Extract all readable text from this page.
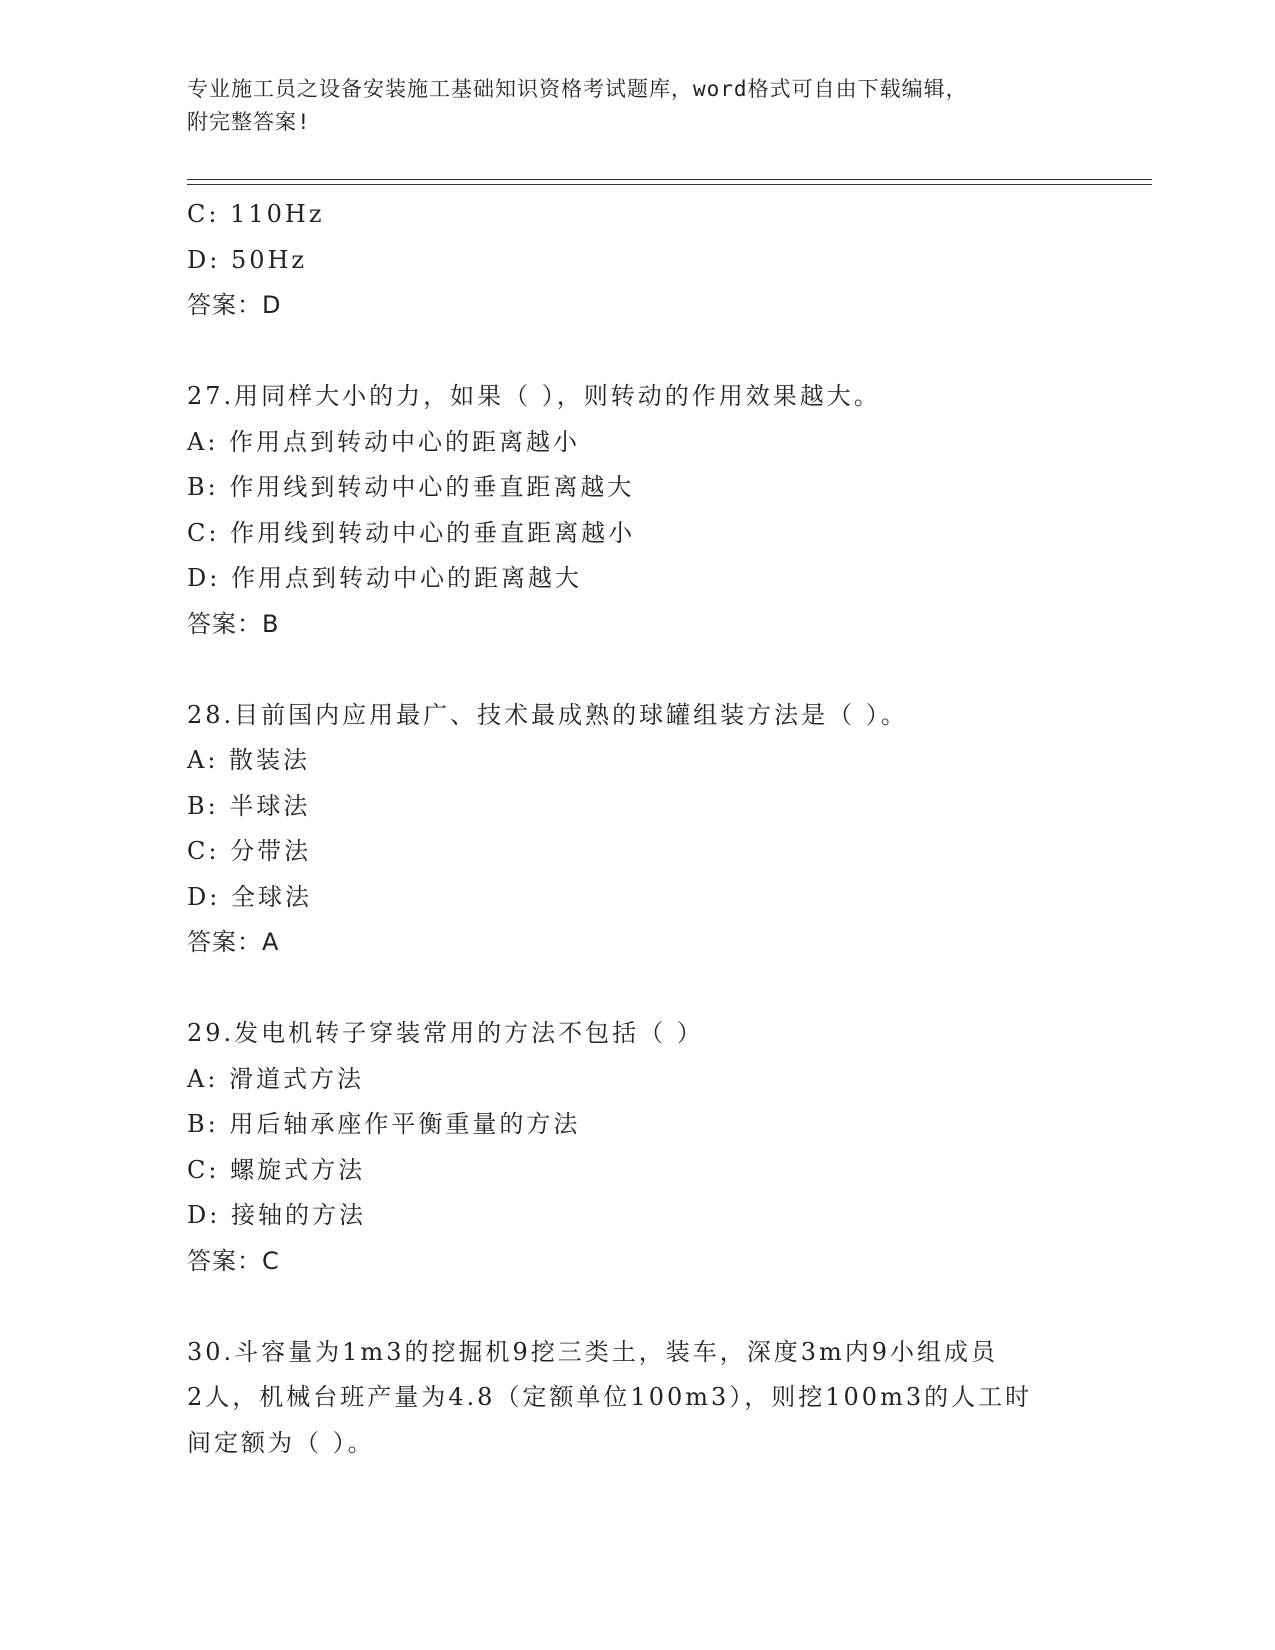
专业施工员之设备安装施工基础知识资格考试题库，word格式可自由下载编辑，
附完整答案!
C: 110Hz
D: 50Hz
答案：D
27.用同样大小的力，如果（ ），则转动的作用效果越大。
A: 作用点到转动中心的距离越小
B: 作用线到转动中心的垂直距离越大
C: 作用线到转动中心的垂直距离越小
D: 作用点到转动中心的距离越大
答案：B
28.目前国内应用最广、技术最成熟的球罐组装方法是（ ）。
A: 散装法
B: 半球法
C: 分带法
D: 全球法
答案：A
29.发电机转子穿装常用的方法不包括（ ）
A: 滑道式方法
B: 用后轴承座作平衡重量的方法
C: 螺旋式方法
D: 接轴的方法
答案：C
30.斗容量为1m3的挖掘机9挖三类土，装车，深度3m内9小组成员
2人，机械台班产量为4.8（定额单位100m3），则挖100m3的人工时
间定额为（ ）。
